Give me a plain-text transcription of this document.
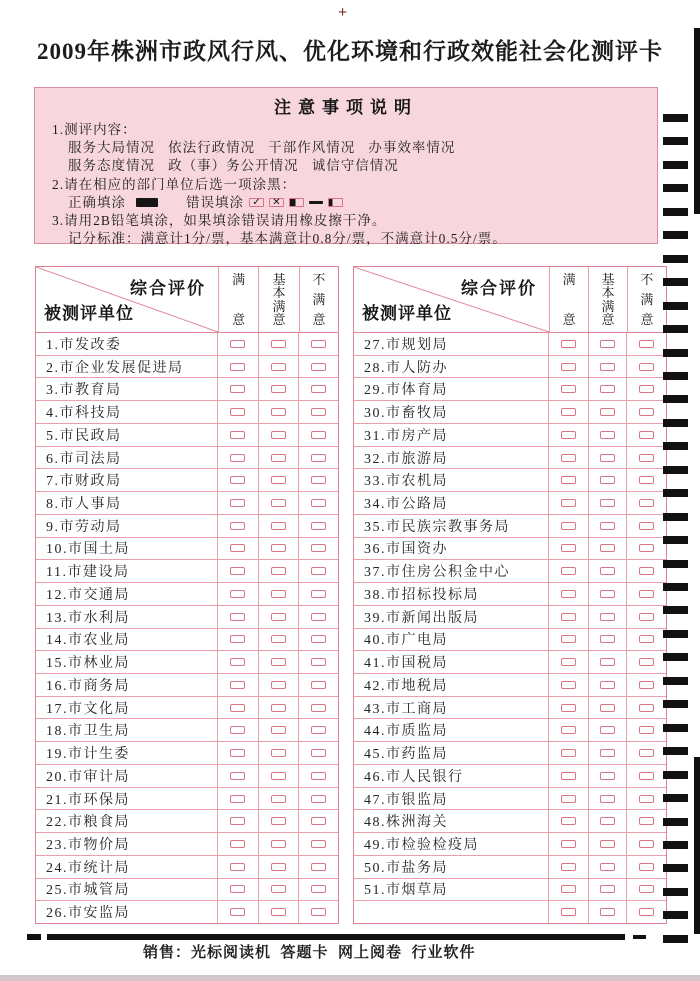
+
2009年株洲市政风行风、优化环境和行政效能社会化测评卡
注意事项说明
1.测评内容：
服务大局情况   依法行政情况   干部作风情况   办事效率情况
服务态度情况   政（事）务公开情况   诚信守信情况
2.请在相应的部门单位后选一项涂黑：
正确填涂	错误填涂 ✓	✕
3.请用2B铅笔填涂，如果填涂错误请用橡皮擦干净。
记分标准：满意计1分/票，基本满意计0.8分/票，不满意计0.5分/票。
综合评价
被测评单位
满
意
基
本
满
意
不
满
意
1.市发改委
2.市企业发展促进局
3.市教育局
4.市科技局
5.市民政局
6.市司法局
7.市财政局
8.市人事局
9.市劳动局
10.市国土局
11.市建设局
12.市交通局
13.市水利局
14.市农业局
15.市林业局
16.市商务局
17.市文化局
18.市卫生局
19.市计生委
20.市审计局
21.市环保局
22.市粮食局
23.市物价局
24.市统计局
25.市城管局
26.市安监局
综合评价
被测评单位
满
意
基
本
满
意
不
满
意
27.市规划局
28.市人防办
29.市体育局
30.市畜牧局
31.市房产局
32.市旅游局
33.市农机局
34.市公路局
35.市民族宗教事务局
36.市国资办
37.市住房公积金中心
38.市招标投标局
39.市新闻出版局
40.市广电局
41.市国税局
42.市地税局
43.市工商局
44.市质监局
45.市药监局
46.市人民银行
47.市银监局
48.株洲海关
49.市检验检疫局
50.市盐务局
51.市烟草局
销售：光标阅读机  答题卡  网上阅卷  行业软件
